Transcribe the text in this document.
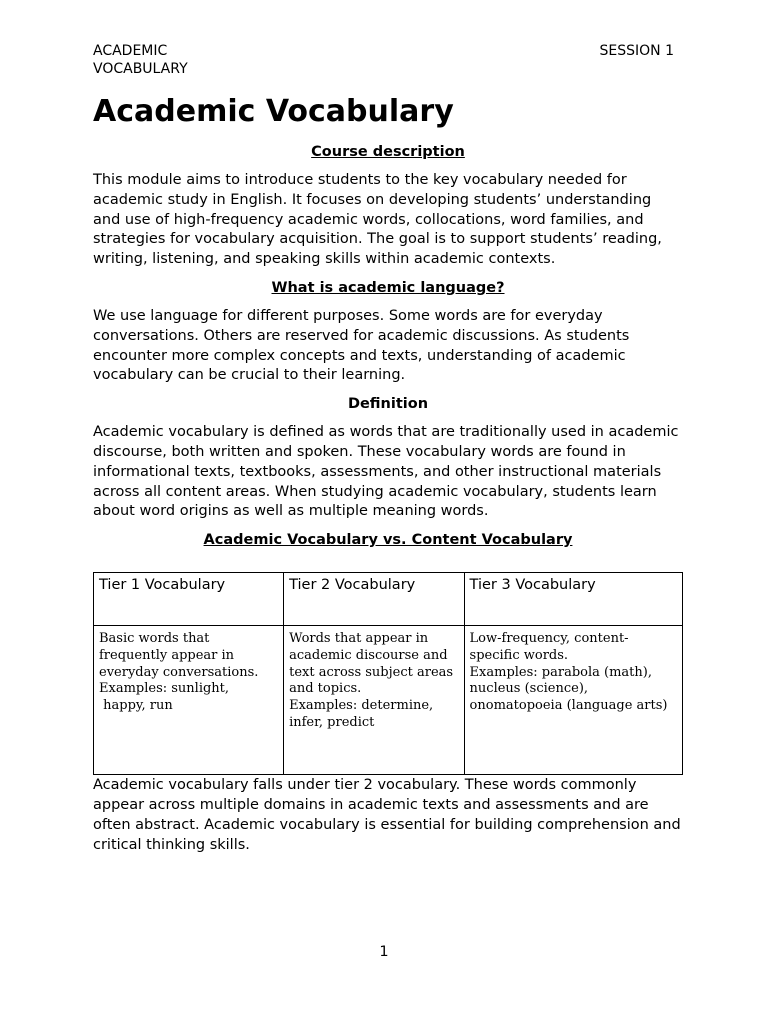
ACADEMIC VOCABULARY
SESSION 1
Academic Vocabulary

Course description

This module aims to introduce students to the key vocabulary needed for academic study in English. It focuses on developing students’ understanding and use of high-frequency academic words, collocations, word families, and strategies for vocabulary acquisition. The goal is to support students’ reading, writing, listening, and speaking skills within academic contexts.

What is academic language?

We use language for different purposes. Some words are for everyday conversations. Others are reserved for academic discussions. As students encounter more complex concepts and texts, understanding of academic vocabulary can be crucial to their learning.

Definition

Academic vocabulary is defined as words that are traditionally used in academic discourse, both written and spoken. These vocabulary words are found in informational texts, textbooks, assessments, and other instructional materials across all content areas. When studying academic vocabulary, students learn about word origins as well as multiple meaning words.

Academic Vocabulary vs. Content Vocabulary

Tier 1 Vocabulary	Tier 2 Vocabulary	Tier 3 Vocabulary

Basic words that frequently appear in everyday conversations.
Examples: sunlight,
happy, run	Words that appear in academic discourse and text across subject areas and topics.
Examples: determine, infer, predict	Low-frequency, content-specific words.
Examples: parabola (math), nucleus (science), onomatopoeia (language arts)

Academic vocabulary falls under tier 2 vocabulary. These words commonly appear across multiple domains in academic texts and assessments and are often abstract. Academic vocabulary is essential for building comprehension and critical thinking skills.

1
